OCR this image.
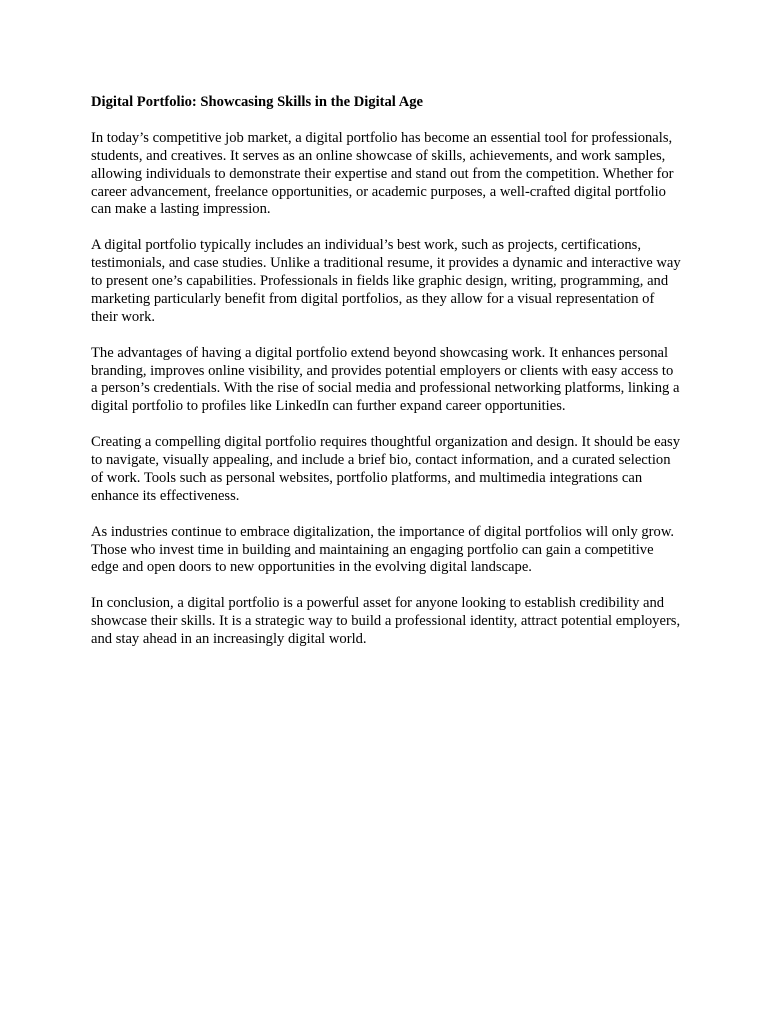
Digital Portfolio: Showcasing Skills in the Digital Age

In today’s competitive job market, a digital portfolio has become an essential tool for professionals, students, and creatives. It serves as an online showcase of skills, achievements, and work samples, allowing individuals to demonstrate their expertise and stand out from the competition. Whether for career advancement, freelance opportunities, or academic purposes, a well-crafted digital portfolio can make a lasting impression.

A digital portfolio typically includes an individual’s best work, such as projects, certifications, testimonials, and case studies. Unlike a traditional resume, it provides a dynamic and interactive way to present one’s capabilities. Professionals in fields like graphic design, writing, programming, and marketing particularly benefit from digital portfolios, as they allow for a visual representation of their work.

The advantages of having a digital portfolio extend beyond showcasing work. It enhances personal branding, improves online visibility, and provides potential employers or clients with easy access to a person’s credentials. With the rise of social media and professional networking platforms, linking a digital portfolio to profiles like LinkedIn can further expand career opportunities.

Creating a compelling digital portfolio requires thoughtful organization and design. It should be easy to navigate, visually appealing, and include a brief bio, contact information, and a curated selection of work. Tools such as personal websites, portfolio platforms, and multimedia integrations can enhance its effectiveness.

As industries continue to embrace digitalization, the importance of digital portfolios will only grow. Those who invest time in building and maintaining an engaging portfolio can gain a competitive edge and open doors to new opportunities in the evolving digital landscape.

In conclusion, a digital portfolio is a powerful asset for anyone looking to establish credibility and showcase their skills. It is a strategic way to build a professional identity, attract potential employers, and stay ahead in an increasingly digital world.
